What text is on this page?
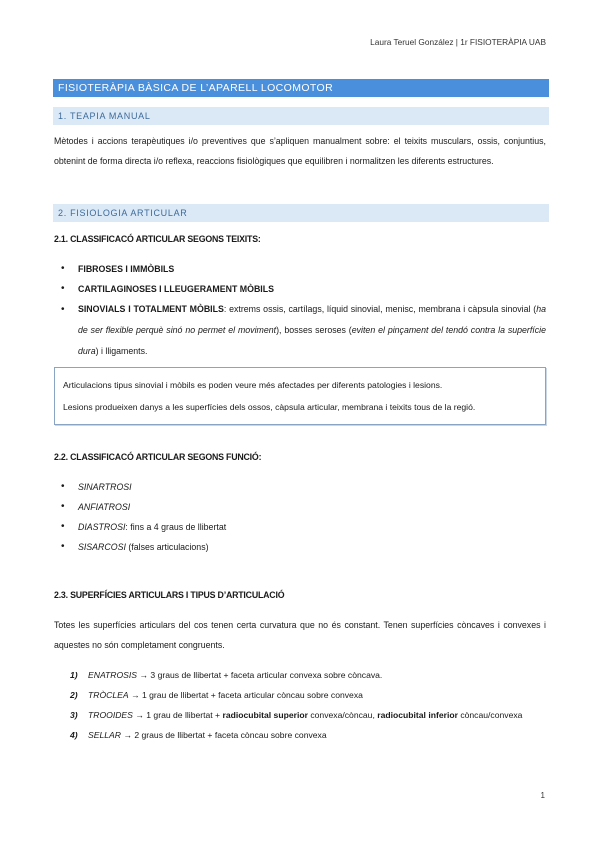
Laura Teruel González | 1r FISIOTERÀPIA UAB
FISIOTERÀPIA BÀSICA DE L’APARELL LOCOMOTOR
1. TEAPIA MANUAL
Mètodes i accions terapèutiques i/o preventives que s’apliquen manualment sobre: el teixits musculars, ossis, conjuntius, obtenint de forma directa i/o reflexa, reaccions fisiològiques que equilibren i normalitzen les diferents estructures.
2. FISIOLOGIA ARTICULAR
2.1. CLASSIFICACÓ ARTICULAR SEGONS TEIXITS:
• FIBROSES I IMMÒBILS
• CARTILAGINOSES I LLEUGERAMENT MÒBILS
• SINOVIALS I TOTALMENT MÒBILS: extrems ossis, cartílags, líquid sinovial, menisc, membrana i càpsula sinovial (ha de ser flexible perquè sinó no permet el moviment), bosses seroses (eviten el pinçament del tendó contra la superfície dura) i lligaments.
Articulacions tipus sinovial i mòbils es poden veure més afectades per diferents patologies i lesions.
Lesions produeixen danys a les superfícies dels ossos, càpsula articular, membrana i teixits tous de la regió.
2.2. CLASSIFICACÓ ARTICULAR SEGONS FUNCIÓ:
• SINARTROSI
• ANFIATROSI
• DIASTROSI: fins a 4 graus de llibertat
• SISARCOSI (falses articulacions)
2.3. SUPERFÍCIES ARTICULARS I TIPUS D’ARTICULACIÓ
Totes les superfícies articulars del cos tenen certa curvatura que no és constant. Tenen superfícies còncaves i convexes i aquestes no són completament congruents.
1) ENATROSIS → 3 graus de llibertat + faceta articular convexa sobre còncava.
2) TRÒCLEA → 1 grau de llibertat + faceta articular còncau sobre convexa
3) TROOIDES → 1 grau de llibertat + radiocubital superior convexa/còncau, radiocubital inferior còncau/convexa
4) SELLAR → 2 graus de llibertat + faceta còncau sobre convexa
1
